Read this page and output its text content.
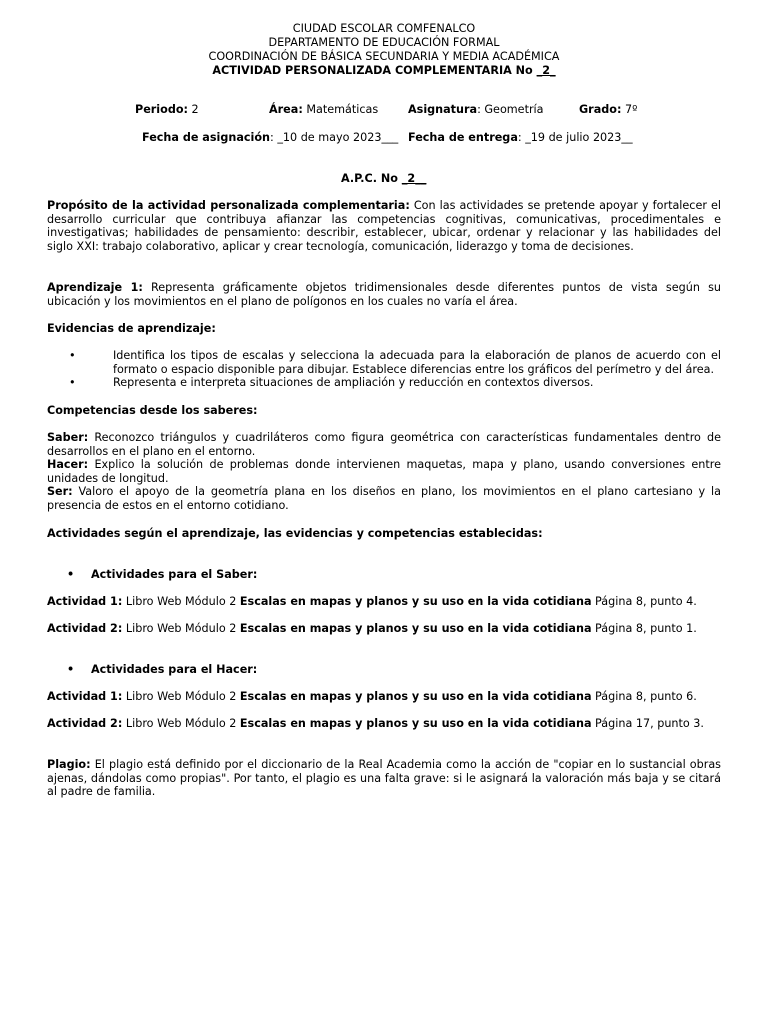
CIUDAD ESCOLAR COMFENALCO
DEPARTAMENTO DE EDUCACIÓN FORMAL
COORDINACIÓN DE BÁSICA SECUNDARIA Y MEDIA ACADÉMICA
ACTIVIDAD PERSONALIZADA COMPLEMENTARIA No _2_
Periodo: 2	Área: Matemáticas	Asignatura: Geometría	Grado: 7º
Fecha de asignación: _10 de mayo 2023___ Fecha de entrega: _19 de julio 2023__
A.P.C. No _2__

Propósito de la actividad personalizada complementaria: Con las actividades se pretende apoyar y fortalecer el desarrollo curricular que contribuya afianzar las competencias cognitivas, comunicativas, procedimentales e investigativas; habilidades de pensamiento: describir, establecer, ubicar, ordenar y relacionar y las habilidades del siglo XXI: trabajo colaborativo, aplicar y crear tecnología, comunicación, liderazgo y toma de decisiones.

Aprendizaje 1: Representa gráficamente objetos tridimensionales desde diferentes puntos de vista según su ubicación y los movimientos en el plano de polígonos en los cuales no varía el área.

Evidencias de aprendizaje:
•	Identifica los tipos de escalas y selecciona la adecuada para la elaboración de planos de acuerdo con el formato o espacio disponible para dibujar. Establece diferencias entre los gráficos del perímetro y del área.
•	Representa e interpreta situaciones de ampliación y reducción en contextos diversos.
Competencias desde los saberes:

Saber: Reconozco triángulos y cuadriláteros como figura geométrica con características fundamentales dentro de desarrollos en el plano en el entorno.

Hacer: Explico la solución de problemas donde intervienen maquetas, mapa y plano, usando conversiones entre unidades de longitud.

Ser: Valoro el apoyo de la geometría plana en los diseños en plano, los movimientos en el plano cartesiano y la presencia de estos en el entorno cotidiano.

Actividades según el aprendizaje, las evidencias y competencias establecidas:
• Actividades para el Saber:
Actividad 1: Libro Web Módulo 2 Escalas en mapas y planos y su uso en la vida cotidiana Página 8, punto 4.
Actividad 2: Libro Web Módulo 2 Escalas en mapas y planos y su uso en la vida cotidiana Página 8, punto 1.
• Actividades para el Hacer:
Actividad 1: Libro Web Módulo 2 Escalas en mapas y planos y su uso en la vida cotidiana Página 8, punto 6.
Actividad 2: Libro Web Módulo 2 Escalas en mapas y planos y su uso en la vida cotidiana Página 17, punto 3.

Plagio: El plagio está definido por el diccionario de la Real Academia como la acción de "copiar en lo sustancial obras ajenas, dándolas como propias". Por tanto, el plagio es una falta grave: si le asignará la valoración más baja y se citará al padre de familia.
